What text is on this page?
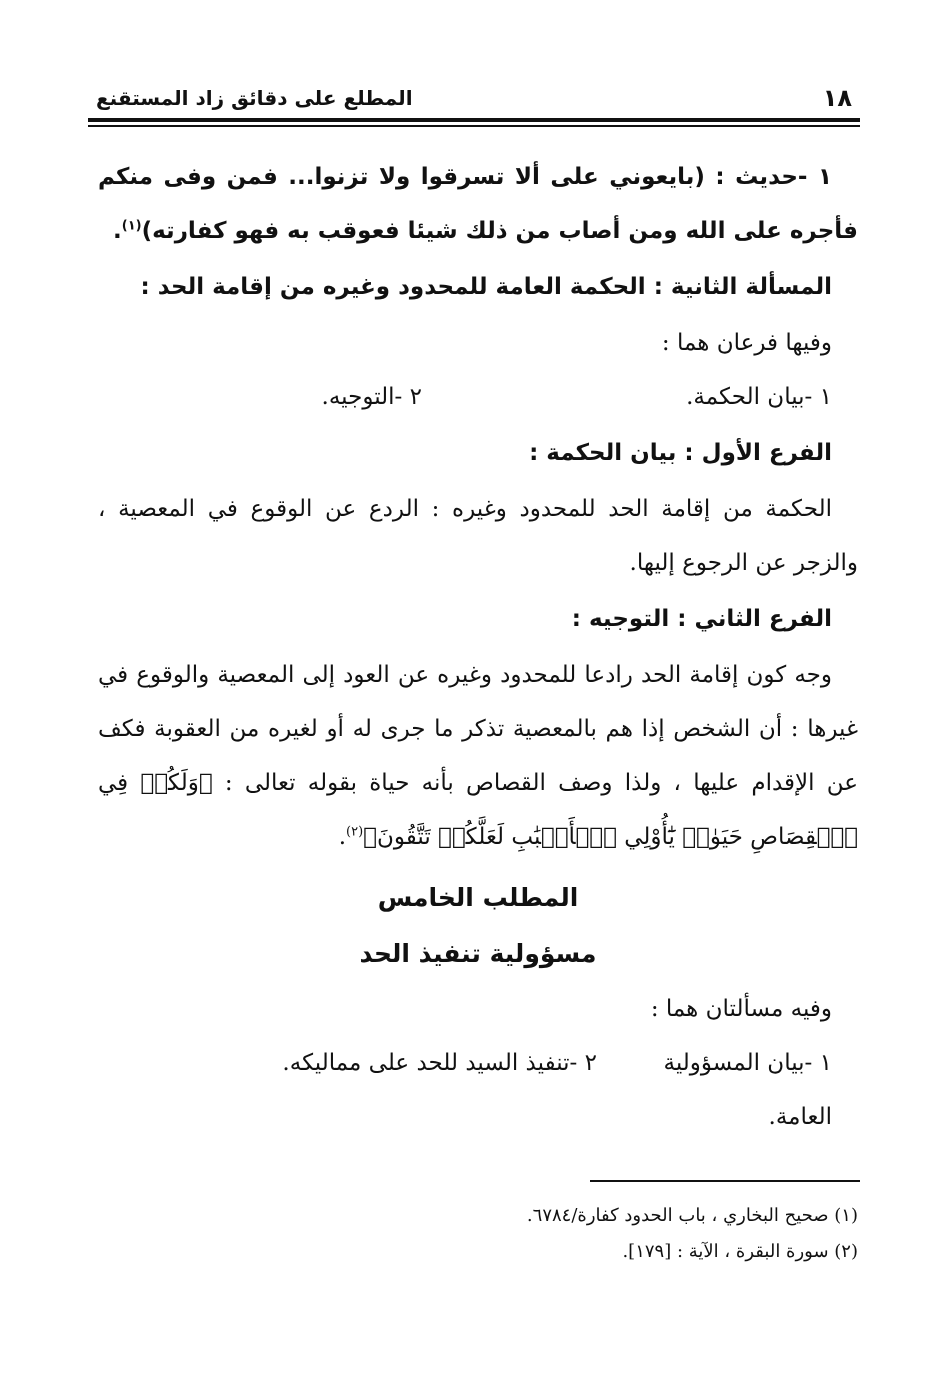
١٨
المطلع على دقائق زاد المستقنع

١ -حديث : (بايعوني على ألا تسرقوا ولا تزنوا... فمن وفى منكم فأجره على الله ومن أصاب من ذلك شيئا فعوقب به فهو كفارته)$^{(١)}$.

المسألة الثانية : الحكمة العامة للمحدود وغيره من إقامة الحد :

وفيها فرعان هما :

١ -بيان الحكمة.
٢ -التوجيه.
الفرع الأول : بيان الحكمة :

الحكمة من إقامة الحد للمحدود وغيره : الردع عن الوقوع في المعصية ، والزجر عن الرجوع إليها.

الفرع الثاني : التوجيه :

وجه كون إقامة الحد رادعا للمحدود وغيره عن العود إلى المعصية والوقوع في غيرها : أن الشخص إذا هم بالمعصية تذكر ما جرى له أو لغيره من العقوبة فكف عن الإقدام عليها ، ولذا وصف القصاص بأنه حياة بقوله تعالى : ﴿وَلَكُمۡ فِي ٱلۡقِصَاصِ حَيَوٰةٞ يَٰٓأُوْلِي ٱلۡأَلۡبَٰبِ لَعَلَّكُمۡ تَتَّقُونَ﴾$^{(٢)}$.

المطلب الخامس
مسؤولية تنفيذ الحد

وفيه مسألتان هما :

١ -بيان المسؤولية العامة.
٢ -تنفيذ السيد للحد على مماليكه.
(١) صحيح البخاري ، باب الحدود كفارة/٦٧٨٤.
(٢) سورة البقرة ، الآية : [١٧٩].
